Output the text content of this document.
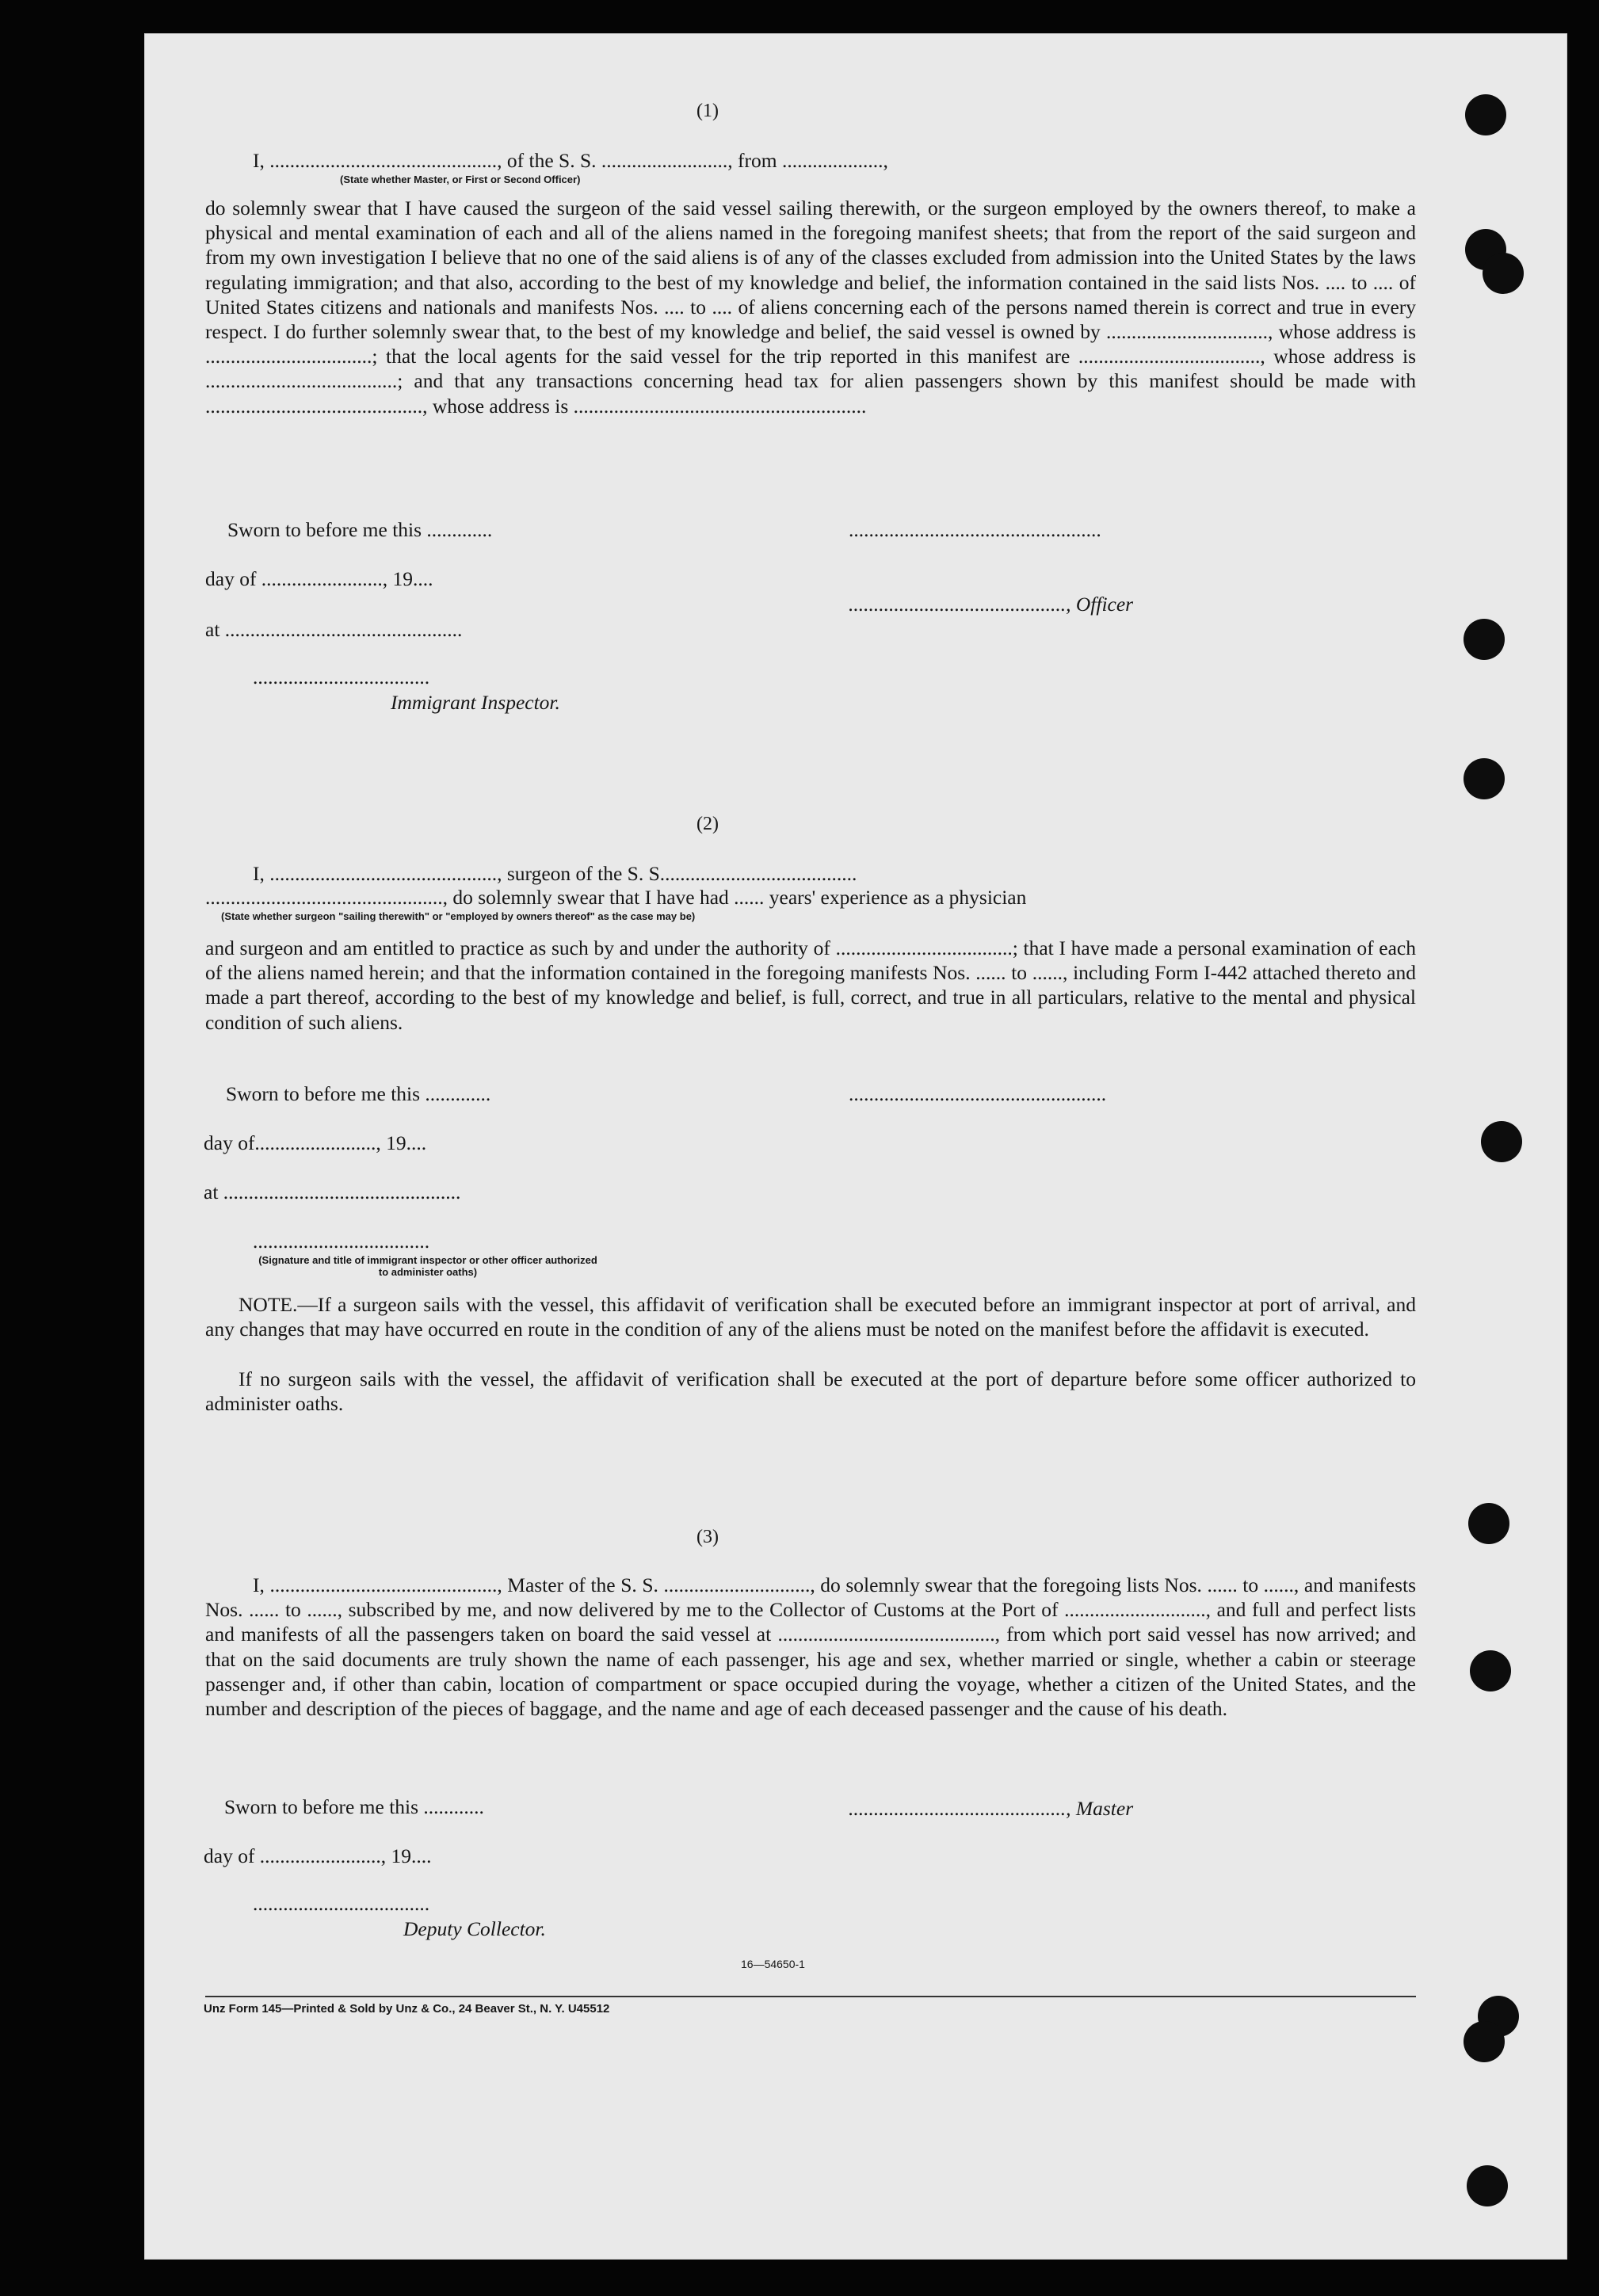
(1)
I, ............................................., of the S. S. ........................., from ....................,
(State whether Master, or First or Second Officer)
do solemnly swear that I have caused the surgeon of the said vessel sailing therewith, or the surgeon employed by the owners thereof, to make a physical and mental examination of each and all of the aliens named in the foregoing manifest sheets; that from the report of the said surgeon and from my own investigation I believe that no one of the said aliens is of any of the classes excluded from admission into the United States by the laws regulating immigration; and that also, according to the best of my knowledge and belief, the information contained in the said lists Nos. .... to .... of United States citizens and nationals and manifests Nos. .... to .... of aliens concerning each of the persons named therein is correct and true in every respect. I do further solemnly swear that, to the best of my knowledge and belief, the said vessel is owned by ................................, whose address is .................................; that the local agents for the said vessel for the trip reported in this manifest are ...................................., whose address is ......................................; and that any transactions concerning head tax for alien passengers shown by this manifest should be made with ..........................................., whose address is ..........................................................
Sworn to before me this .............	..................................................
day of ........................, 19....
..........................................., Officer
at ...............................................
...................................
Immigrant Inspector.
(2)
I, ............................................., surgeon of the S. S.......................................
..............................................., do solemnly swear that I have had ...... years' experience as a physician
(State whether surgeon "sailing therewith" or "employed by owners thereof" as the case may be)
and surgeon and am entitled to practice as such by and under the authority of ...................................; that I have made a personal examination of each of the aliens named herein; and that the information contained in the foregoing manifests Nos. ...... to ......, including Form I-442 attached thereto and made a part thereof, according to the best of my knowledge and belief, is full, correct, and true in all particulars, relative to the mental and physical condition of such aliens.
Sworn to before me this .............	...................................................
day of........................, 19....
at ...............................................
...................................
(Signature and title of immigrant inspector or other officer authorized to administer oaths)
NOTE.—If a surgeon sails with the vessel, this affidavit of verification shall be executed before an immigrant inspector at port of arrival, and any changes that may have occurred en route in the condition of any of the aliens must be noted on the manifest before the affidavit is executed.
If no surgeon sails with the vessel, the affidavit of verification shall be executed at the port of departure before some officer authorized to administer oaths.
(3)
I, ............................................., Master of the S. S. ............................., do solemnly swear that the foregoing lists Nos. ...... to ......, and manifests Nos. ...... to ......, subscribed by me, and now delivered by me to the Collector of Customs at the Port of ............................, and full and perfect lists and manifests of all the passengers taken on board the said vessel at ..........................................., from which port said vessel has now arrived; and that on the said documents are truly shown the name of each passenger, his age and sex, whether married or single, whether a cabin or steerage passenger and, if other than cabin, location of compartment or space occupied during the voyage, whether a citizen of the United States, and the number and description of the pieces of baggage, and the name and age of each deceased passenger and the cause of his death.
Sworn to before me this ............	..........................................., Master
day of ........................, 19....
...................................
Deputy Collector.
16—54650-1
Unz Form 145—Printed & Sold by Unz & Co., 24 Beaver St., N. Y. U45512
